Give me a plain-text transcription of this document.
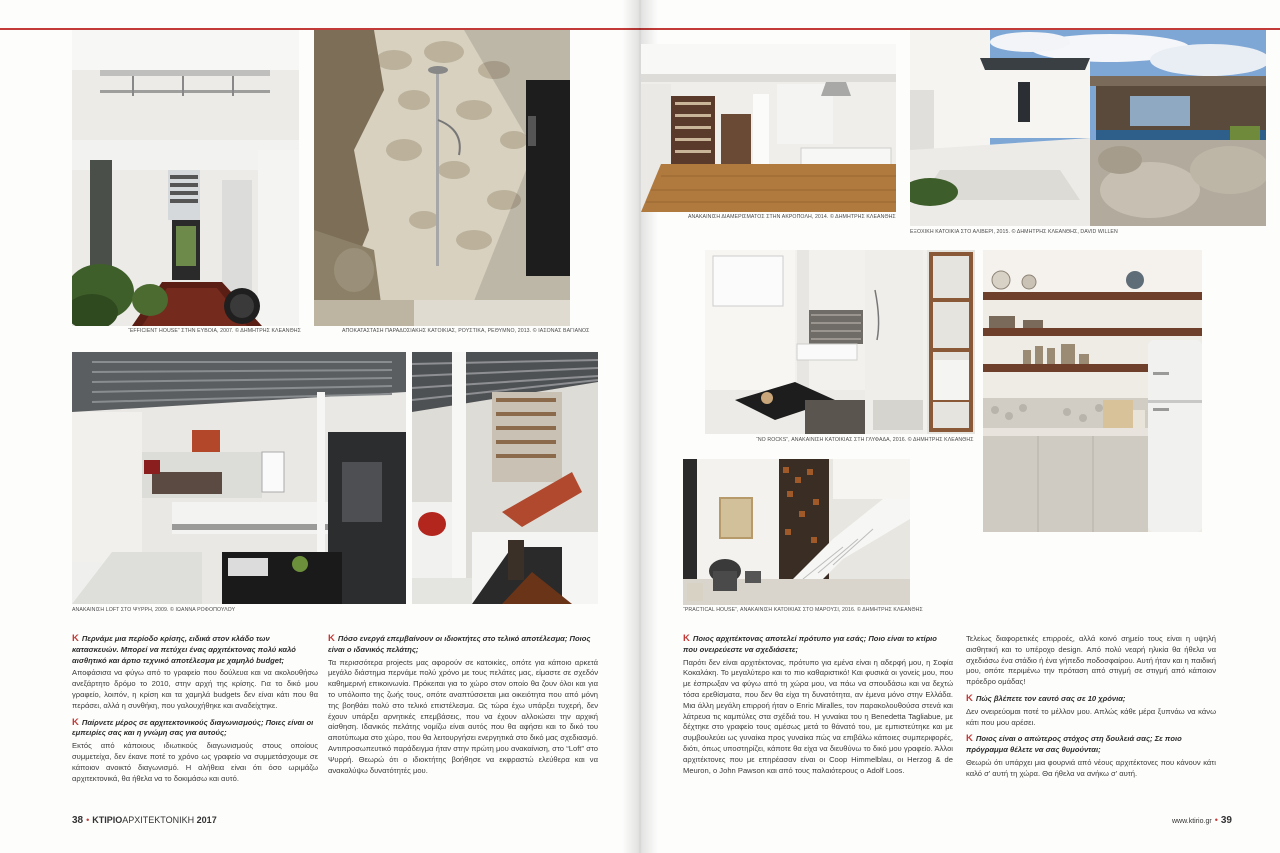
“EFFICIENT HOUSE” ΣΤΗΝ ΕΥΒΟΙΑ, 2007. © ΔΗΜΗΤΡΗΣ ΚΛΕΑΝΘΗΣ	ΑΠΟΚΑΤΑΣΤΑΣΗ ΠΑΡΑΔΟΣΙΑΚΗΣ ΚΑΤΟΙΚΙΑΣ, ΡΟΥΣΤΙΚΑ, ΡΕΘΥΜΝΟ, 2013. © ΙΑΣΟΝΑΣ ΒΑΓΙΑΝΟΣ
ΑΝΑΚΑΙΝΙΣΗ LOFT ΣΤΟ ΨΥΡΡΗ, 2009. © ΙΩΑΝΝΑ ΡΟΦΟΠΟΥΛΟΥ
ΑΝΑΚΑΙΝΙΣΗ ΔΙΑΜΕΡΙΣΜΑΤΟΣ ΣΤΗΝ ΑΚΡΟΠΟΛΗ, 2014. © ΔΗΜΗΤΡΗΣ ΚΛΕΑΝΘΗΣ
ΕΞΟΧΙΚΗ ΚΑΤΟΙΚΙΑ ΣΤΟ ΑΛΙΒΕΡΙ, 2015. © ΔΗΜΗΤΡΗΣ ΚΛΕΑΝΘΗΣ, DAVID WILLEN
“NO ROCKS”, ΑΝΑΚΑΙΝΙΣΗ ΚΑΤΟΙΚΙΑΣ ΣΤΗ ΓΛΥΦΑΔΑ, 2016. © ΔΗΜΗΤΡΗΣ ΚΛΕΑΝΘΗΣ
“PRACTICAL HOUSE”, ΑΝΑΚΑΙΝΙΣΗ ΚΑΤΟΙΚΙΑΣ ΣΤΟ ΜΑΡΟΥΣΙ, 2016. © ΔΗΜΗΤΡΗΣ ΚΛΕΑΝΘΗΣ

Κ Περνάμε μια περίοδο κρίσης, ειδικά στον κλάδο των κατασκευών. Μπορεί να πετύχει ένας αρχιτέκτονας πολύ καλό αισθητικό και άρτιο τεχνικό αποτέλεσμα με χαμηλό budget;

Αποφάσισα να φύγω από το γραφείο που δούλευα και να ακολουθήσω ανεξάρτητο δρόμο το 2010, στην αρχή της κρίσης. Για το δικό μου γραφείο, λοιπόν, η κρίση και τα χαμηλά budgets δεν είναι κάτι που θα περάσει, αλλά η συνθήκη, που γαλουχήθηκε και αναδείχτηκε.

Κ Παίρνετε μέρος σε αρχιτεκτονικούς διαγωνισμούς; Ποιες είναι οι εμπειρίες σας και η γνώμη σας για αυτούς;

Εκτός από κάποιους ιδιωτικούς διαγωνισμούς στους οποίους συμμετείχα, δεν έκανε ποτέ το χρόνο ως γραφείο να συμμετάσχουμε σε κάποιον ανοικτό διαγωνισμό. Η αλήθεια είναι ότι όσο ωριμάζω αρχιτεκτονικά, θα ήθελα να το δοκιμάσω και αυτό.

Κ Πόσο ενεργά επεμβαίνουν οι ιδιοκτήτες στο τελικό αποτέλεσμα; Ποιος είναι ο ιδανικός πελάτης;

Τα περισσότερα projects μας αφορούν σε κατοικίες, οπότε για κάποιο αρκετά μεγάλο διάστημα περνάμε πολύ χρόνο με τους πελάτες μας, είμαστε σε σχεδόν καθημερινή επικοινωνία. Πρόκειται για το χώρο στον οποίο θα ζουν όλοι και για το υπόλοιπο της ζωής τους, οπότε αναπτύσσεται μια οικειότητα που από μόνη της βοηθάει πολύ στο τελικό επιστέλεσμα. Ως τώρα έχω υπάρξει τυχερή, δεν έχουν υπάρξει αρνητικές επεμβάσεις, που να έχουν αλλοιώσει την αρχική αίσθηση. Ιδανικός πελάτης νομίζω είναι αυτός που θα αφήσει και το δικό του αποτύπωμα στο χώρο, που θα λειτουργήσει ενεργητικά στο δικό μας σχεδιασμό. Αντιπροσωπευτικό παράδειγμα ήταν στην πρώτη μου ανακαίνιση, στο “Loft” στο Ψυρρή. Θεωρώ ότι ο ιδιοκτήτης βοήθησε να εκφραστώ ελεύθερα και να ανακαλύψω δυνατότητές μου.

Κ Ποιος αρχιτέκτονας αποτελεί πρότυπο για εσάς; Ποιο είναι το κτίριο που ονειρεύεστε να σχεδιάσετε;

Παρότι δεν είναι αρχιτέκτονας, πρότυπο για εμένα είναι η αδερφή μου, η Σοφία Κοκαλάκη. Το μεγαλύτερο και το πιο καθαριστικό! Και φυσικά οι γονείς μου, που με έσπρωξαν να φύγω από τη χώρα μου, να πάω να σπουδάσω και να δεχτώ τόσα ερεθίσματα, που δεν θα είχα τη δυνατότητα, αν έμενα μόνο στην Ελλάδα. Μια άλλη μεγάλη επιρροή ήταν ο Enric Miralles, τον παρακολουθούσα στενά και λάτρευα τις καμπύλες στα σχέδιά του. Η γυναίκα του η Benedetta Tagliabue, με δέχτηκε στο γραφείο τους αμέσως μετά το θάνατό του, με εμπιστεύτηκε και με συμβουλεύει ως γυναίκα προς γυναίκα πώς να επιβάλω κάποιες συμπεριφορές, διότι, όπως υποστηρίζει, κάποτε θα είχα να διευθύνω το δικό μου γραφείο. Άλλοι αρχιτέκτονες που με επηρέασαν είναι οι Coop Himmelblau, οι Herzog & de Meuron, ο John Pawson και από τους παλαιότερους ο Adolf Loos.

Τελείως διαφορετικές επιρροές, αλλά κοινό σημείο τους είναι η υψηλή αισθητική και το υπέροχο design. Από πολύ νεαρή ηλικία θα ήθελα να σχεδιάσω ένα στάδιο ή ένα γήπεδο ποδοσφαίρου. Αυτή ήταν και η παιδική μου, οπότε περιμένω την πρόταση από στιγμή σε στιγμή από κάποιον πρόεδρο ομάδας!

Κ Πώς βλέπετε τον εαυτό σας σε 10 χρόνια;

Δεν ονειρεύομαι ποτέ το μέλλον μου. Απλώς κάθε μέρα ξυπνάω να κάνω κάτι που μου αρέσει.

Κ Ποιος είναι ο απώτερος στόχος στη δουλειά σας; Σε ποιο πρόγραμμα θέλετε να σας θυμούνται;

Θεωρώ ότι υπάρχει μια φουρνιά από νέους αρχιτέκτονες που κάνουν κάτι καλό σ’ αυτή τη χώρα. Θα ήθελα να ανήκω σ’ αυτή.

38 • ΚΤΙΡΙΟΑΡΧΙΤΕΚΤΟΝΙΚΗ 2017	www.ktirio.gr • 39
